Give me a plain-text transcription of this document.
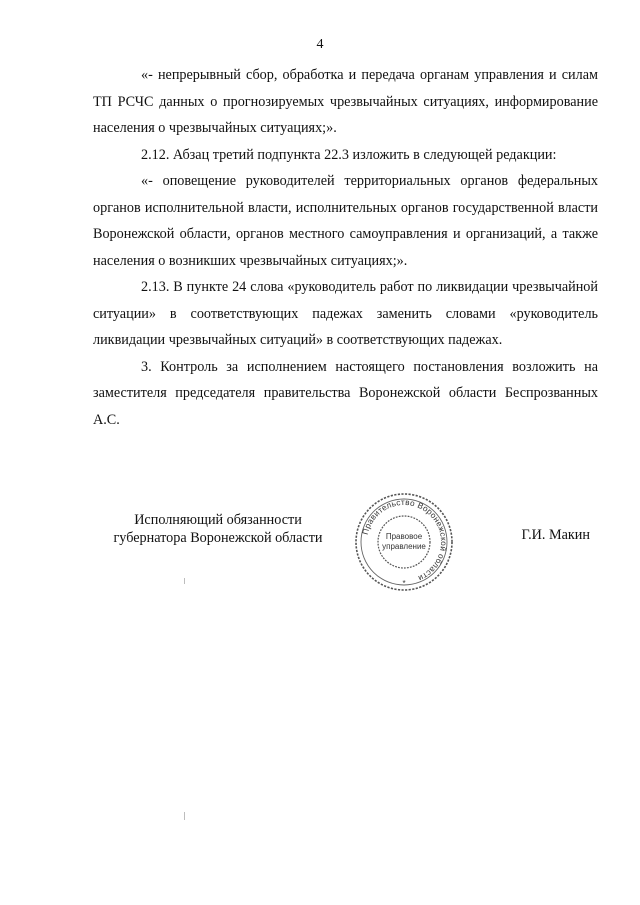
4

«- непрерывный сбор, обработка и передача органам управления и силам ТП РСЧС данных о прогнозируемых чрезвычайных ситуациях, информирование населения о чрезвычайных ситуациях;».

2.12. Абзац третий подпункта 22.3 изложить в следующей редакции:

«- оповещение руководителей территориальных органов федеральных органов исполнительной власти, исполнительных органов государственной власти Воронежской области, органов местного самоуправления и организаций, а также населения о возникших чрезвычайных ситуациях;».

2.13. В пункте 24 слова «руководитель работ по ликвидации чрезвычайной ситуации» в соответствующих падежах заменить словами «руководитель ликвидации чрезвычайных ситуаций» в соответствующих падежах.

3. Контроль за исполнением настоящего постановления возложить на заместителя председателя правительства Воронежской области Беспрозванных А.С.

Исполняющий обязанности
губернатора Воронежской области	Правительство Воронежской области
Правовое
управление
*
Г.И. Макин
